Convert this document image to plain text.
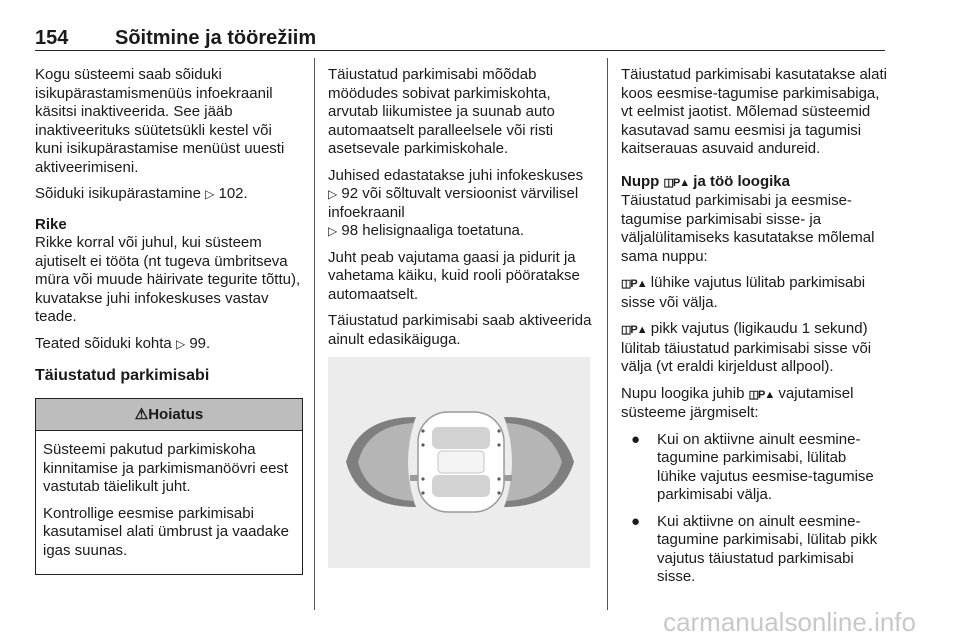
154 Sõitmine ja töörežiim

Kogu süsteemi saab sõiduki isikupärastamismenüüs infoekraanil käsitsi inaktiveerida. See jääb inaktiveerituks süütetsükli kestel või kuni isikupärastamise menüüst uuesti aktiveerimiseni.

Sõiduki isikupärastamine ▷ 102.

Rike

Rikke korral või juhul, kui süsteem ajutiselt ei tööta (nt tugeva ümbritseva müra või muude häirivate tegurite tõttu), kuvatakse juhi infokeskuses vastav teade.

Teated sõiduki kohta ▷ 99.

Täiustatud parkimisabi

⚠Hoiatus

Süsteemi pakutud parkimiskoha kinnitamise ja parkimismanöövri eest vastutab täielikult juht.

Kontrollige eesmise parkimisabi kasutamisel alati ümbrust ja vaadake igas suunas.

Täiustatud parkimisabi mõõdab möödudes sobivat parkimiskohta, arvutab liikumistee ja suunab auto automaatselt paralleelsele või risti asetsevale parkimiskohale.

Juhised edastatakse juhi infokeskuses ▷ 92 või sõltuvalt versioonist värvilisel infoekraanil
▷ 98 helisignaaliga toetatuna.

Juht peab vajutama gaasi ja pidurit ja vahetama käiku, kuid rooli pööratakse automaatselt.

Täiustatud parkimisabi saab aktiveerida ainult edasikäiguga.

Täiustatud parkimisabi kasutatakse alati koos eesmise-tagumise parkimisabiga, vt eelmist jaotist. Mõlemad süsteemid kasutavad samu eesmisi ja tagumisi kaitserauas asuvaid andureid.

Nupp ◫P▲ ja töö loogika

Täiustatud parkimisabi ja eesmise-tagumise parkimisabi sisse- ja väljalülitamiseks kasutatakse mõlemal sama nuppu:

◫P▲ lühike vajutus lülitab parkimisabi sisse või välja.

◫P▲ pikk vajutus (ligikaudu 1 sekund) lülitab täiustatud parkimisabi sisse või välja (vt eraldi kirjeldust allpool).

Nupu loogika juhib ◫P▲ vajutamisel süsteeme järgmiselt:

●	Kui on aktiivne ainult eesmine-tagumine parkimisabi, lülitab lühike vajutus eesmise-tagumise parkimisabi välja.
●	Kui aktiivne on ainult eesmine-tagumine parkimisabi, lülitab pikk vajutus täiustatud parkimisabi sisse.
carmanualsonline.info
